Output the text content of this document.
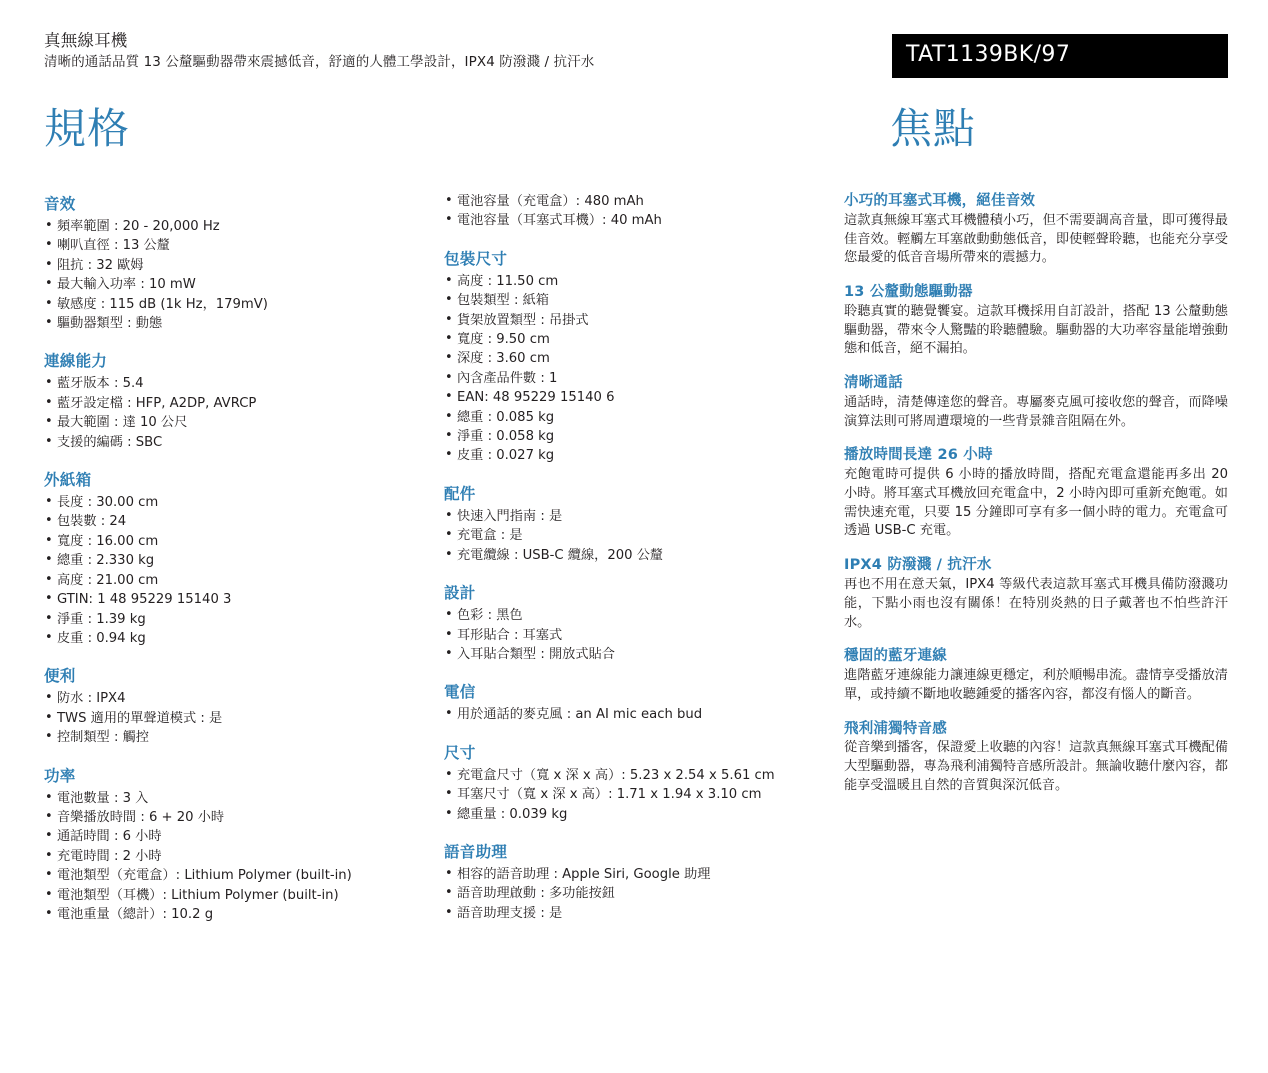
真無線耳機
清晰的通話品質 13 公釐驅動器帶來震撼低音，舒適的人體工學設計，IPX4 防潑濺 / 抗汗水	TAT1139BK/97
規格	焦點
音效
• 頻率範圍 : 20 - 20,000 Hz
• 喇叭直徑 : 13 公釐
• 阻抗 : 32 歐姆
• 最大輸入功率 : 10 mW
• 敏感度 : 115 dB (1k Hz，179mV)
• 驅動器類型 : 動態
連線能力
• 藍牙版本 : 5.4
• 藍牙設定檔 : HFP, A2DP, AVRCP
• 最大範圍 : 達 10 公尺
• 支援的編碼 : SBC
外紙箱
• 長度 : 30.00 cm
• 包裝數 : 24
• 寬度 : 16.00 cm
• 總重 : 2.330 kg
• 高度 : 21.00 cm
• GTIN: 1 48 95229 15140 3
• 淨重 : 1.39 kg
• 皮重 : 0.94 kg
便利
• 防水 : IPX4
• TWS 適用的單聲道模式 : 是
• 控制類型 : 觸控
功率
• 電池數量 : 3 入
• 音樂播放時間 : 6 + 20 小時
• 通話時間 : 6 小時
• 充電時間 : 2 小時
• 電池類型（充電盒）: Lithium Polymer (built-in)
• 電池類型（耳機）: Lithium Polymer (built-in)
• 電池重量（總計）: 10.2 g
• 電池容量（充電盒）: 480 mAh
• 電池容量（耳塞式耳機）: 40 mAh
包裝尺寸
• 高度 : 11.50 cm
• 包裝類型 : 紙箱
• 貨架放置類型 : 吊掛式
• 寬度 : 9.50 cm
• 深度 : 3.60 cm
• 內含產品件數 : 1
• EAN: 48 95229 15140 6
• 總重 : 0.085 kg
• 淨重 : 0.058 kg
• 皮重 : 0.027 kg
配件
• 快速入門指南 : 是
• 充電盒 : 是
• 充電纜線 : USB-C 纜線，200 公釐
設計
• 色彩 : 黑色
• 耳形貼合 : 耳塞式
• 入耳貼合類型 : 開放式貼合
電信
• 用於通話的麥克風 : an AI mic each bud
尺寸
• 充電盒尺寸（寬 x 深 x 高）: 5.23 x 2.54 x 5.61 cm
• 耳塞尺寸（寬 x 深 x 高）: 1.71 x 1.94 x 3.10 cm
• 總重量 : 0.039 kg
語音助理
• 相容的語音助理 : Apple Siri, Google 助理
• 語音助理啟動 : 多功能按鈕
• 語音助理支援 : 是
小巧的耳塞式耳機，絕佳音效
這款真無線耳塞式耳機體積小巧，但不需要調高音量，即可獲得最佳音效。輕觸左耳塞啟動動態低音，即使輕聲聆聽，也能充分享受您最愛的低音音場所帶來的震撼力。
13 公釐動態驅動器
聆聽真實的聽覺饗宴。這款耳機採用自訂設計，搭配 13 公釐動態驅動器，帶來令人驚豔的聆聽體驗。驅動器的大功率容量能增強動態和低音，絕不漏拍。
清晰通話
通話時，清楚傳達您的聲音。專屬麥克風可接收您的聲音，而降噪演算法則可將周遭環境的一些背景雜音阻隔在外。
播放時間長達 26 小時
充飽電時可提供 6 小時的播放時間，搭配充電盒還能再多出 20 小時。將耳塞式耳機放回充電盒中，2 小時內即可重新充飽電。如需快速充電，只要 15 分鐘即可享有多一個小時的電力。充電盒可透過 USB-C 充電。
IPX4 防潑濺 / 抗汗水
再也不用在意天氣，IPX4 等級代表這款耳塞式耳機具備防潑濺功能，下點小雨也沒有關係！在特別炎熱的日子戴著也不怕些許汗水。
穩固的藍牙連線
進階藍牙連線能力讓連線更穩定，利於順暢串流。盡情享受播放清單，或持續不斷地收聽鍾愛的播客內容，都沒有惱人的斷音。
飛利浦獨特音感
從音樂到播客，保證愛上收聽的內容！這款真無線耳塞式耳機配備大型驅動器，專為飛利浦獨特音感所設計。無論收聽什麼內容，都能享受溫暖且自然的音質與深沉低音。
